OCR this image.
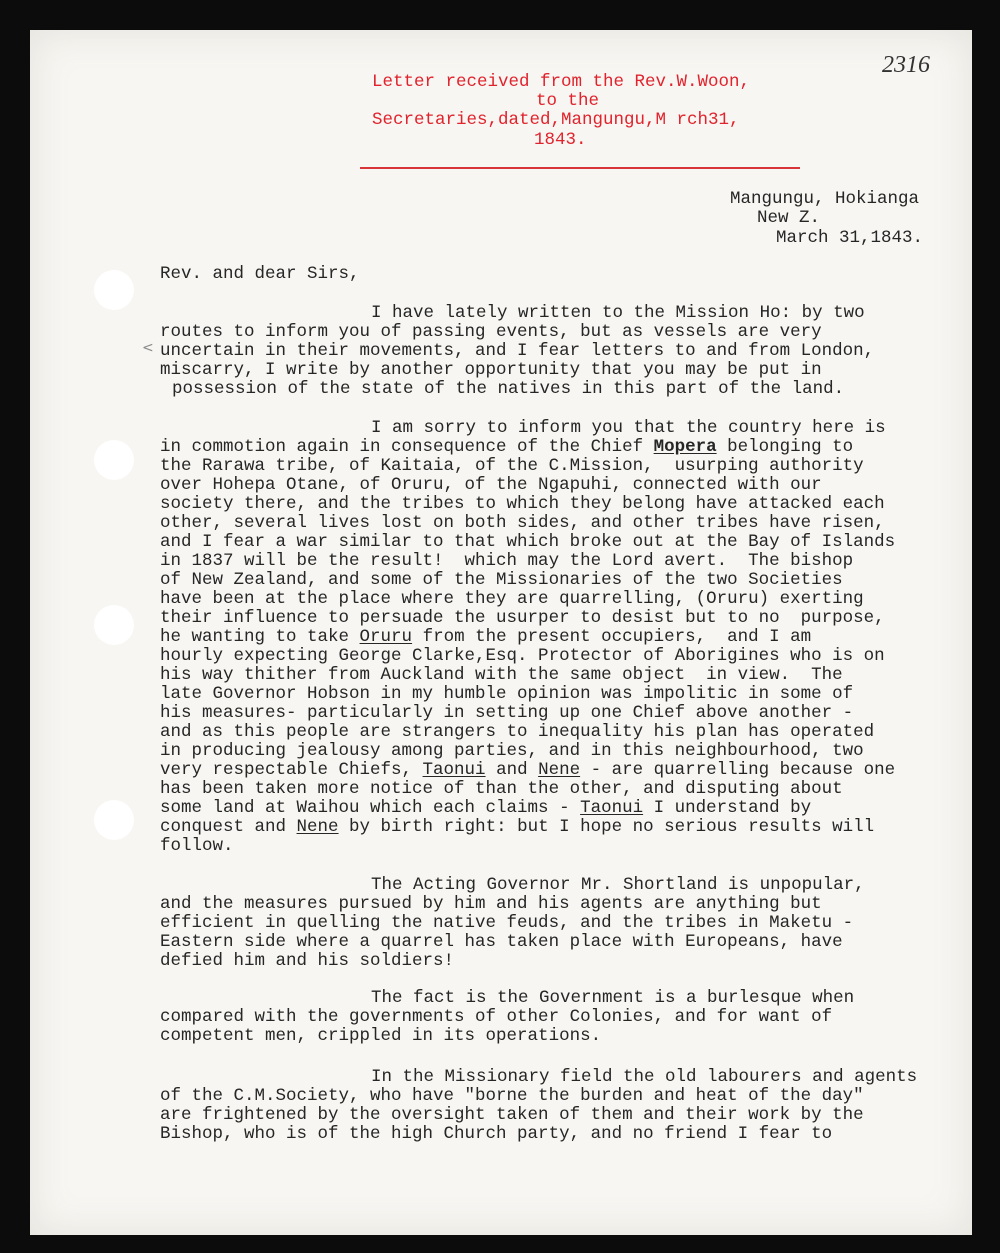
2316
Letter received from the Rev.W.Woon,
to the
Secretaries,dated,Mangungu,M rch31,
1843.
Mangungu, Hokianga
New Z.
March 31,1843.
Rev. and dear Sirs,
<
I have lately written to the Mission Ho: by two
routes to inform you of passing events, but as vessels are very
uncertain in their movements, and I fear letters to and from London,
miscarry, I write by another opportunity that you may be put in
possession of the state of the natives in this part of the land.
I am sorry to inform you that the country here is
in commotion again in consequence of the Chief Mopera belonging to
the Rarawa tribe, of Kaitaia, of the C.Mission,  usurping authority
over Hohepa Otane, of Oruru, of the Ngapuhi, connected with our
society there, and the tribes to which they belong have attacked each
other, several lives lost on both sides, and other tribes have risen,
and I fear a war similar to that which broke out at the Bay of Islands
in 1837 will be the result!  which may the Lord avert.  The bishop
of New Zealand, and some of the Missionaries of the two Societies
have been at the place where they are quarrelling, (Oruru) exerting
their influence to persuade the usurper to desist but to no  purpose,
he wanting to take Oruru from the present occupiers,  and I am
hourly expecting George Clarke,Esq. Protector of Aborigines who is on
his way thither from Auckland with the same object  in view.  The
late Governor Hobson in my humble opinion was impolitic in some of
his measures- particularly in setting up one Chief above another -
and as this people are strangers to inequality his plan has operated
in producing jealousy among parties, and in this neighbourhood, two
very respectable Chiefs, Taonui and Nene - are quarrelling because one
has been taken more notice of than the other, and disputing about
some land at Waihou which each claims - Taonui I understand by
conquest and Nene by birth right: but I hope no serious results will
follow.
The Acting Governor Mr. Shortland is unpopular,
and the measures pursued by him and his agents are anything but
efficient in quelling the native feuds, and the tribes in Maketu -
Eastern side where a quarrel has taken place with Europeans, have
defied him and his soldiers!
The fact is the Government is a burlesque when
compared with the governments of other Colonies, and for want of
competent men, crippled in its operations.
In the Missionary field the old labourers and agents
of the C.M.Society, who have "borne the burden and heat of the day"
are frightened by the oversight taken of them and their work by the
Bishop, who is of the high Church party, and no friend I fear to
